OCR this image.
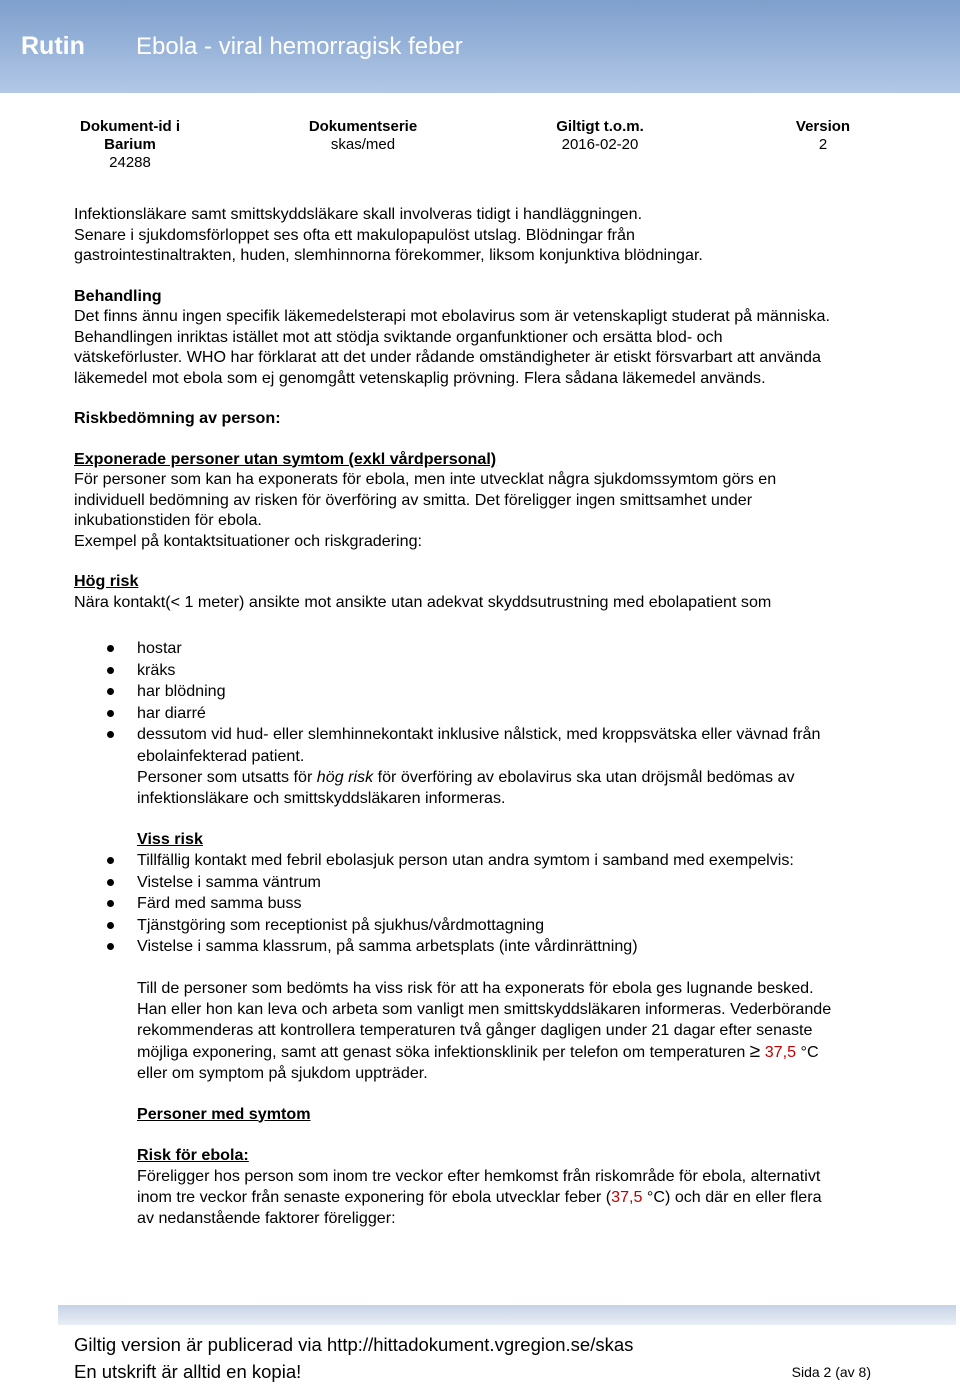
Rutin Ebola - viral hemorragisk feber
Dokument-id i Barium
24288
Dokumentserie
skas/med
Giltigt t.o.m.
2016-02-20
Version
2

Infektionsläkare samt smittskyddsläkare skall involveras tidigt i handläggningen.

Senare i sjukdomsförloppet ses ofta ett makulopapulöst utslag. Blödningar från

gastrointestinaltrakten, huden, slemhinnorna förekommer, liksom konjunktiva blödningar.

Behandling

Det finns ännu ingen specifik läkemedelsterapi mot ebolavirus som är vetenskapligt studerat på människa. Behandlingen inriktas istället mot att stödja sviktande organfunktioner och ersätta blod- och vätskeförluster. WHO har förklarat att det under rådande omständigheter är etiskt försvarbart att använda läkemedel mot ebola som ej genomgått vetenskaplig prövning. Flera sådana läkemedel används.

Riskbedömning av person:

Exponerade personer utan symtom (exkl vårdpersonal)

För personer som kan ha exponerats för ebola, men inte utvecklat några sjukdomssymtom görs en individuell bedömning av risken för överföring av smitta. Det föreligger ingen smittsamhet under inkubationstiden för ebola.

Exempel på kontaktsituationer och riskgradering:

Hög risk

Nära kontakt(< 1 meter) ansikte mot ansikte utan adekvat skyddsutrustning med ebolapatient som

hostar
kräks
har blödning
har diarré
dessutom vid hud- eller slemhinnekontakt inklusive nålstick, med kroppsvätska eller vävnad från ebolainfekterad patient.

Personer som utsatts för hög risk för överföring av ebolavirus ska utan dröjsmål bedömas av infektionsläkare och smittskyddsläkaren informeras.

Viss risk

Tillfällig kontakt med febril ebolasjuk person utan andra symtom i samband med exempelvis:
Vistelse i samma väntrum
Färd med samma buss
Tjänstgöring som receptionist på sjukhus/vårdmottagning
Vistelse i samma klassrum, på samma arbetsplats (inte vårdinrättning)

Till de personer som bedömts ha viss risk för att ha exponerats för ebola ges lugnande besked. Han eller hon kan leva och arbeta som vanligt men smittskyddsläkaren informeras. Vederbörande rekommenderas att kontrollera temperaturen två gånger dagligen under 21 dagar efter senaste möjliga exponering, samt att genast söka infektionsklinik per telefon om temperaturen ≥ 37,5 °C eller om symptom på sjukdom uppträder.

Personer med symtom

Risk för ebola:

Föreligger hos person som inom tre veckor efter hemkomst från riskområde för ebola, alternativt inom tre veckor från senaste exponering för ebola utvecklar feber (37,5 °C) och där en eller flera av nedanstående faktorer föreligger:

Giltig version är publicerad via http://hittadokument.vgregion.se/skas
En utskrift är alltid en kopia!	Sida 2 (av 8)
